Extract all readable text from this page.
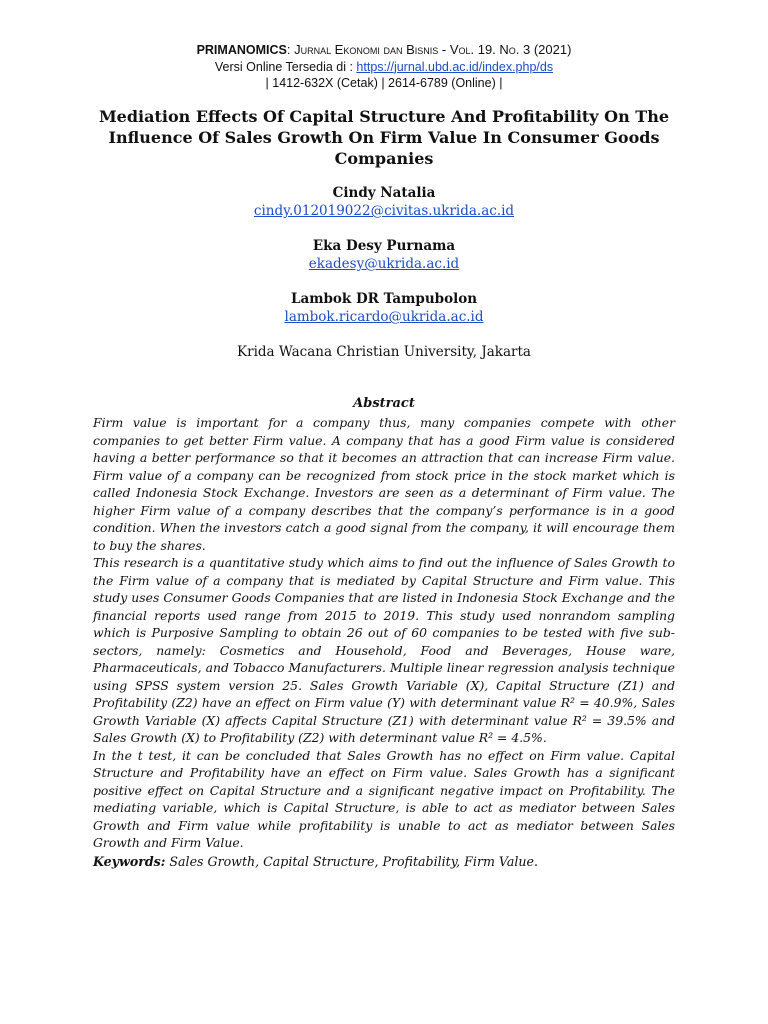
PRIMANOMICS: Jurnal Ekonomi dan Bisnis - Vol. 19. No. 3 (2021)
Versi Online Tersedia di : https://jurnal.ubd.ac.id/index.php/ds
| 1412-632X (Cetak) | 2614-6789 (Online) |
Mediation Effects Of Capital Structure And Profitability On The Influence Of Sales Growth On Firm Value In Consumer Goods Companies
Cindy Natalia
cindy.012019022@civitas.ukrida.ac.id
Eka Desy Purnama
ekadesy@ukrida.ac.id
Lambok DR Tampubolon
lambok.ricardo@ukrida.ac.id
Krida Wacana Christian University, Jakarta
Abstract

Firm value is important for a company thus, many companies compete with other companies to get better Firm value. A company that has a good Firm value is considered having a better performance so that it becomes an attraction that can increase Firm value. Firm value of a company can be recognized from stock price in the stock market which is called Indonesia Stock Exchange. Investors are seen as a determinant of Firm value. The higher Firm value of a company describes that the company’s performance is in a good condition. When the investors catch a good signal from the company, it will encourage them to buy the shares.

This research is a quantitative study which aims to find out the influence of Sales Growth to the Firm value of a company that is mediated by Capital Structure and Firm value. This study uses Consumer Goods Companies that are listed in Indonesia Stock Exchange and the financial reports used range from 2015 to 2019. This study used nonrandom sampling which is Purposive Sampling to obtain 26 out of 60 companies to be tested with five sub-sectors, namely: Cosmetics and Household, Food and Beverages, House ware, Pharmaceuticals, and Tobacco Manufacturers. Multiple linear regression analysis technique using SPSS system version 25. Sales Growth Variable (X), Capital Structure (Z1) and Profitability (Z2) have an effect on Firm value (Y) with determinant value R² = 40.9%, Sales Growth Variable (X) affects Capital Structure (Z1) with determinant value R² = 39.5% and Sales Growth (X) to Profitability (Z2) with determinant value R² = 4.5%.

In the t test, it can be concluded that Sales Growth has no effect on Firm value. Capital Structure and Profitability have an effect on Firm value. Sales Growth has a significant positive effect on Capital Structure and a significant negative impact on Profitability. The mediating variable, which is Capital Structure, is able to act as mediator between Sales Growth and Firm value while profitability is unable to act as mediator between Sales Growth and Firm Value.

Keywords: Sales Growth, Capital Structure, Profitability, Firm Value.
